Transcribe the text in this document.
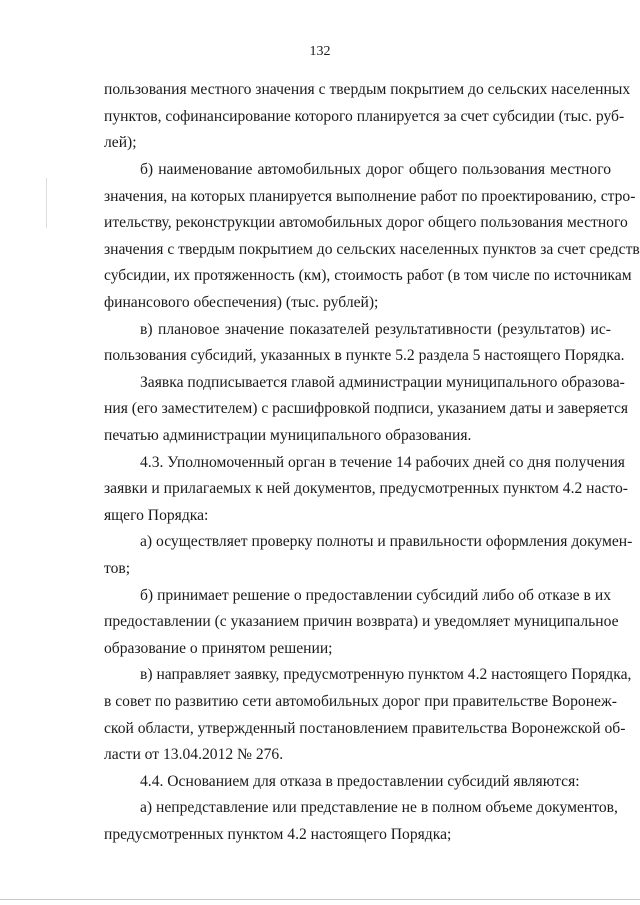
132
пользования местного значения с твердым покрытием до сельских населенных
пунктов, софинансирование которого планируется за счет субсидии (тыс. руб-
лей);
б) наименование автомобильных дорог общего пользования местного
значения, на которых планируется выполнение работ по проектированию, стро-
ительству, реконструкции автомобильных дорог общего пользования местного
значения с твердым покрытием до сельских населенных пунктов за счет средств
субсидии, их протяженность (км), стоимость работ (в том числе по источникам
финансового обеспечения) (тыс. рублей);
в) плановое значение показателей результативности (результатов) ис-
пользования субсидий, указанных в пункте 5.2 раздела 5 настоящего Порядка.
Заявка подписывается главой администрации муниципального образова-
ния (его заместителем) с расшифровкой подписи, указанием даты и заверяется
печатью администрации муниципального образования.
4.3. Уполномоченный орган в течение 14 рабочих дней со дня получения
заявки и прилагаемых к ней документов, предусмотренных пунктом 4.2 насто-
ящего Порядка:
а) осуществляет проверку полноты и правильности оформления докумен-
тов;
б) принимает решение о предоставлении субсидий либо об отказе в их
предоставлении (с указанием причин возврата) и уведомляет муниципальное
образование о принятом решении;
в) направляет заявку, предусмотренную пунктом 4.2 настоящего Порядка,
в совет по развитию сети автомобильных дорог при правительстве Воронеж-
ской области, утвержденный постановлением правительства Воронежской об-
ласти от 13.04.2012 № 276.
4.4. Основанием для отказа в предоставлении субсидий являются:
а) непредставление или представление не в полном объеме документов,
предусмотренных пунктом 4.2 настоящего Порядка;
